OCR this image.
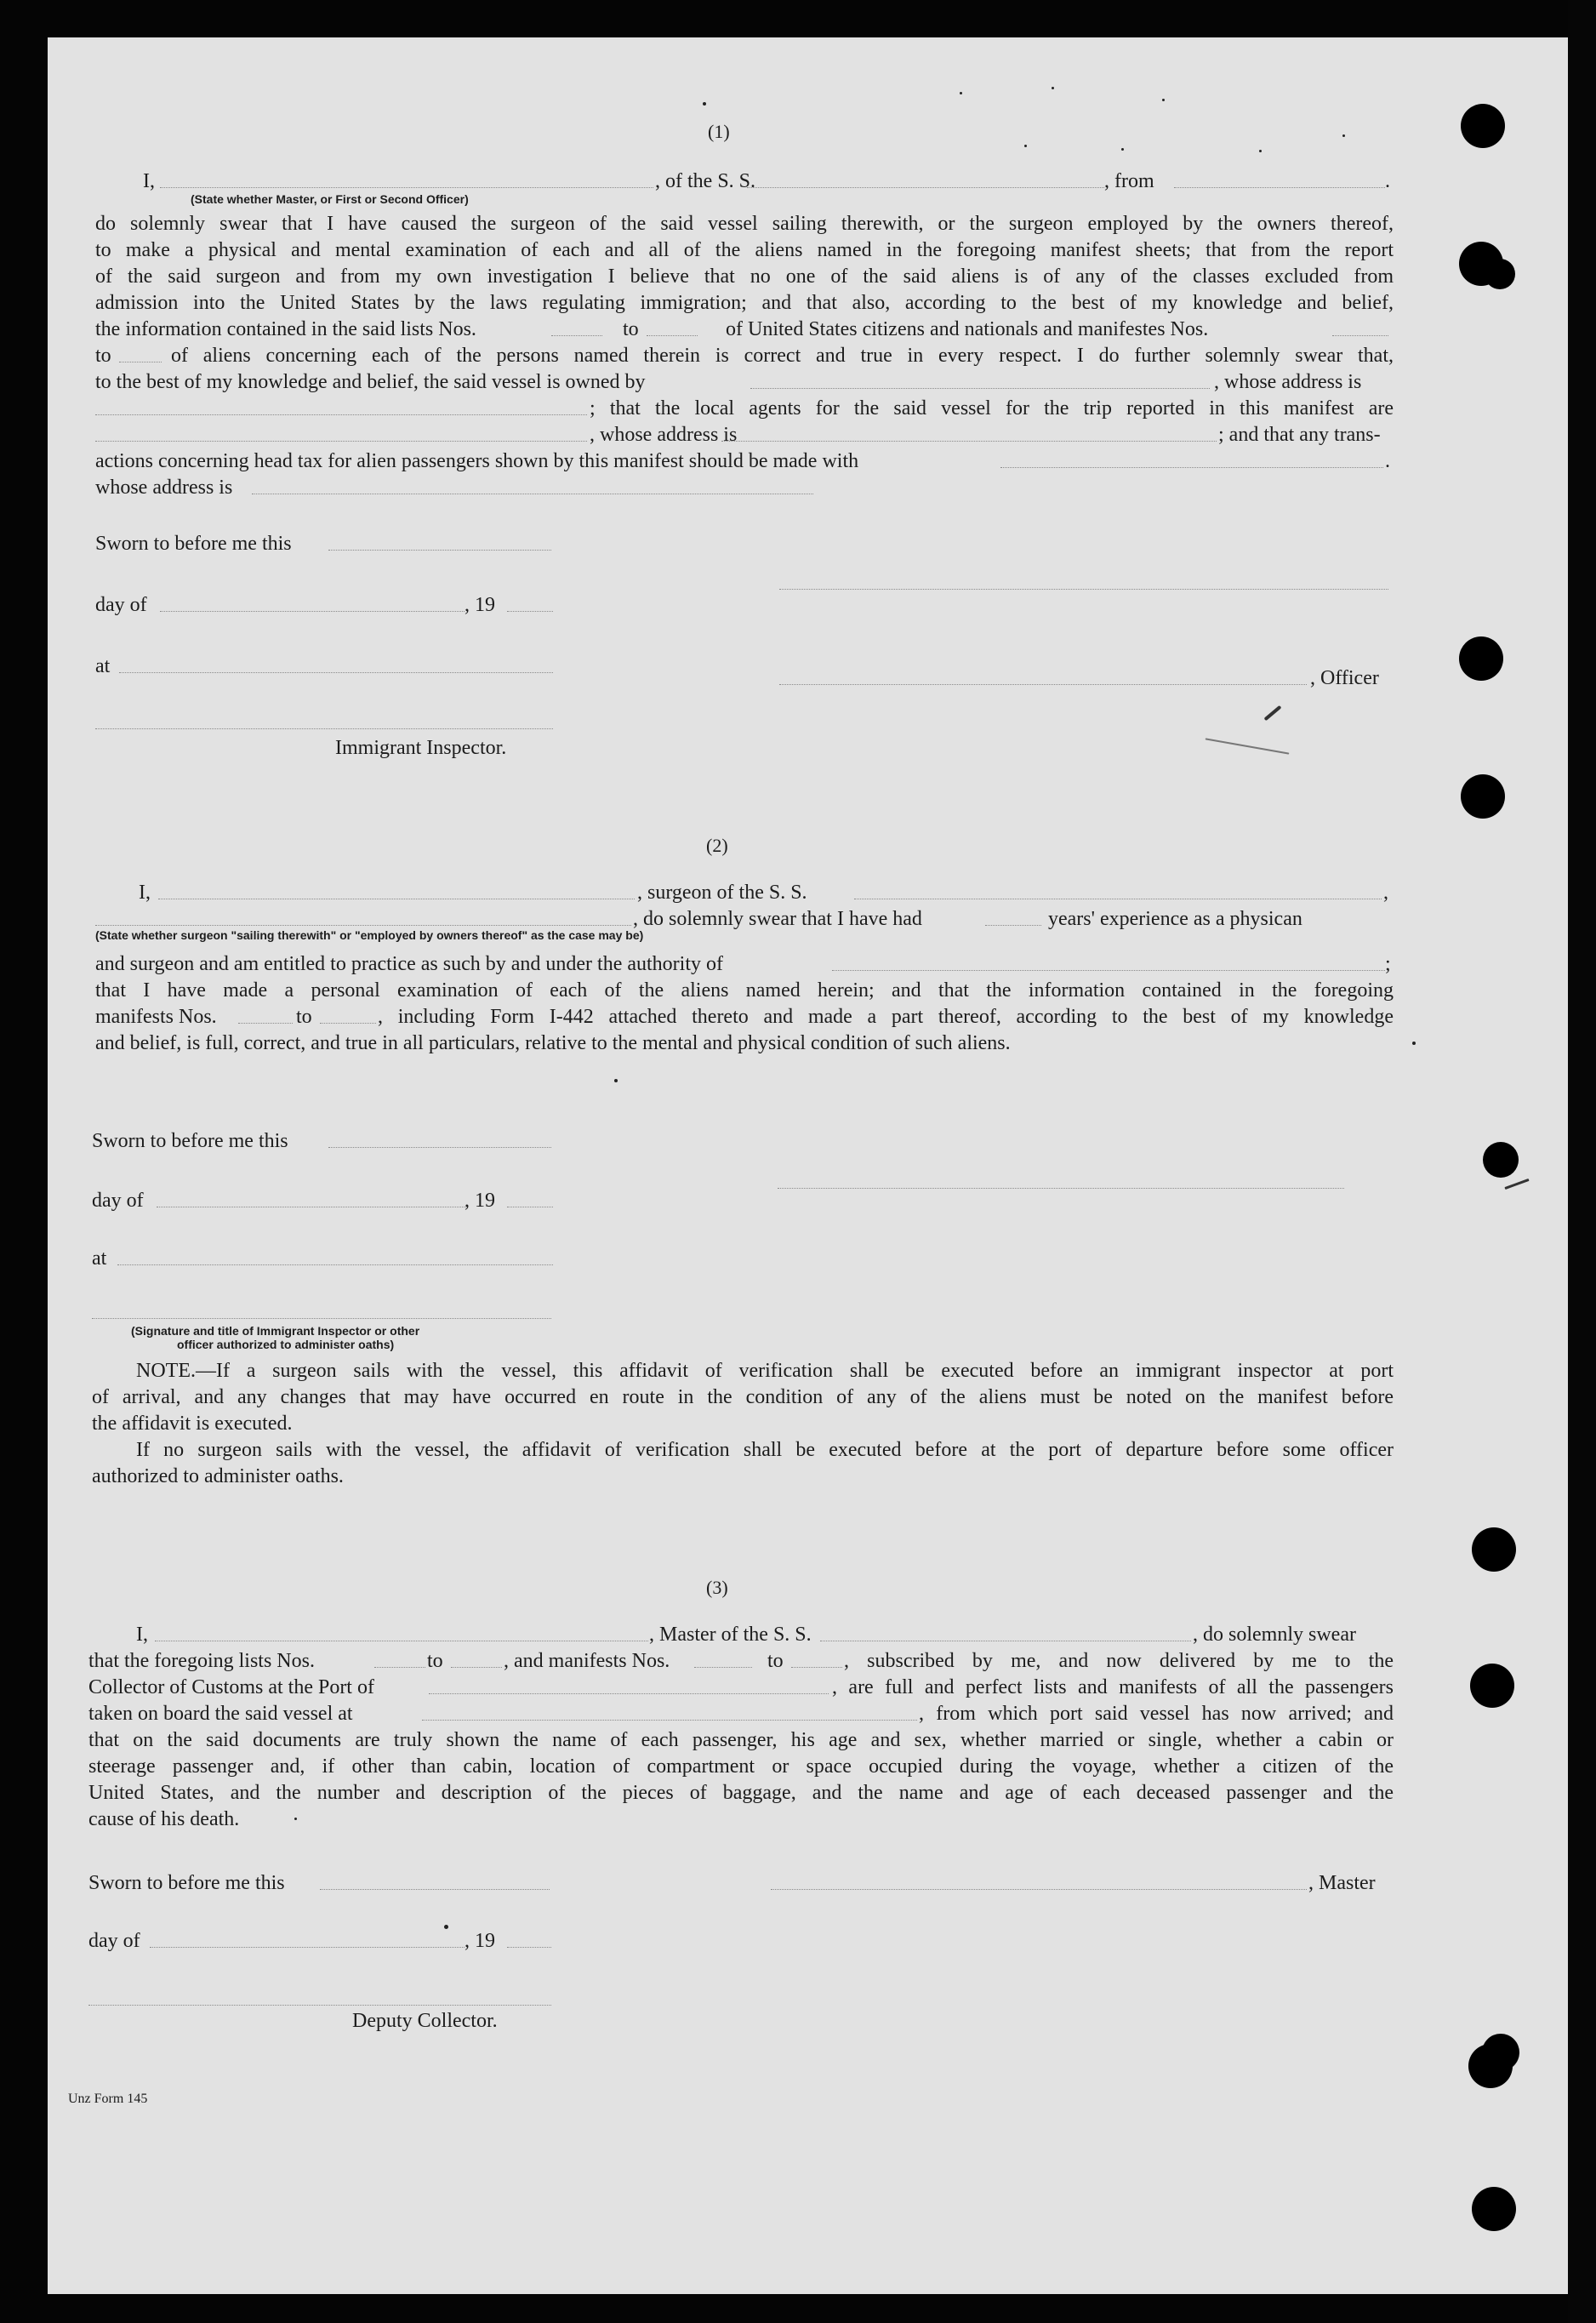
(1)
I,	, of the S. S.	, from	.
(State whether Master, or First or Second Officer)
do solemnly swear that I have caused the surgeon of the said vessel sailing therewith, or the surgeon employed by the owners thereof,
to make a physical and mental examination of each and all of the aliens named in the foregoing manifest sheets; that from the report
of the said surgeon and from my own investigation I believe that no one of the said aliens is of any of the classes excluded from
admission into the United States by the laws regulating immigration; and that also, according to the best of my knowledge and belief,
the information contained in the said lists Nos.	to	of United States citizens and nationals and manifestes Nos.
to	of aliens concerning each of the persons named therein is correct and true in every respect. I do further solemnly swear that,
to the best of my knowledge and belief, the said vessel is owned by	, whose address is
; that the local agents for the said vessel for the trip reported in this manifest are
, whose address is	; and that any trans-
actions concerning head tax for alien passengers shown by this manifest should be made with	.
whose address is
Sworn to before me this
day of	, 19
at
, Officer
Immigrant Inspector.
(2)
I,	, surgeon of the S. S.	,
, do solemnly swear that I have had	years' experience as a physican
(State whether surgeon "sailing therewith" or "employed by owners thereof" as the case may be)
and surgeon and am entitled to practice as such by and under the authority of	;
that I have made a personal examination of each of the aliens named herein; and that the information contained in the foregoing
manifests Nos.	to	, including Form I-442 attached thereto and made a part thereof, according to the best of my knowledge
and belief, is full, correct, and true in all particulars, relative to the mental and physical condition of such aliens.
Sworn to before me this
day of	, 19
at
(Signature and title of Immigrant Inspector or other
officer authorized to administer oaths)
NOTE.—If a surgeon sails with the vessel, this affidavit of verification shall be executed before an immigrant inspector at port
of arrival, and any changes that may have occurred en route in the condition of any of the aliens must be noted on the manifest before
the affidavit is executed.
If no surgeon sails with the vessel, the affidavit of verification shall be executed before at the port of departure before some officer
authorized to administer oaths.
(3)
I,	, Master of the S. S.	, do solemnly swear
that the foregoing lists Nos.	to	, and manifests Nos.	to	, subscribed by me, and now delivered by me to the
Collector of Customs at the Port of	, are full and perfect lists and manifests of all the passengers
taken on board the said vessel at	, from which port said vessel has now arrived; and
that on the said documents are truly shown the name of each passenger, his age and sex, whether married or single, whether a cabin or
steerage passenger and, if other than cabin, location of compartment or space occupied during the voyage, whether a citizen of the
United States, and the number and description of the pieces of baggage, and the name and age of each deceased passenger and the
cause of his death.
Sworn to before me this	, Master
day of	, 19
Deputy Collector.
Unz Form 145
